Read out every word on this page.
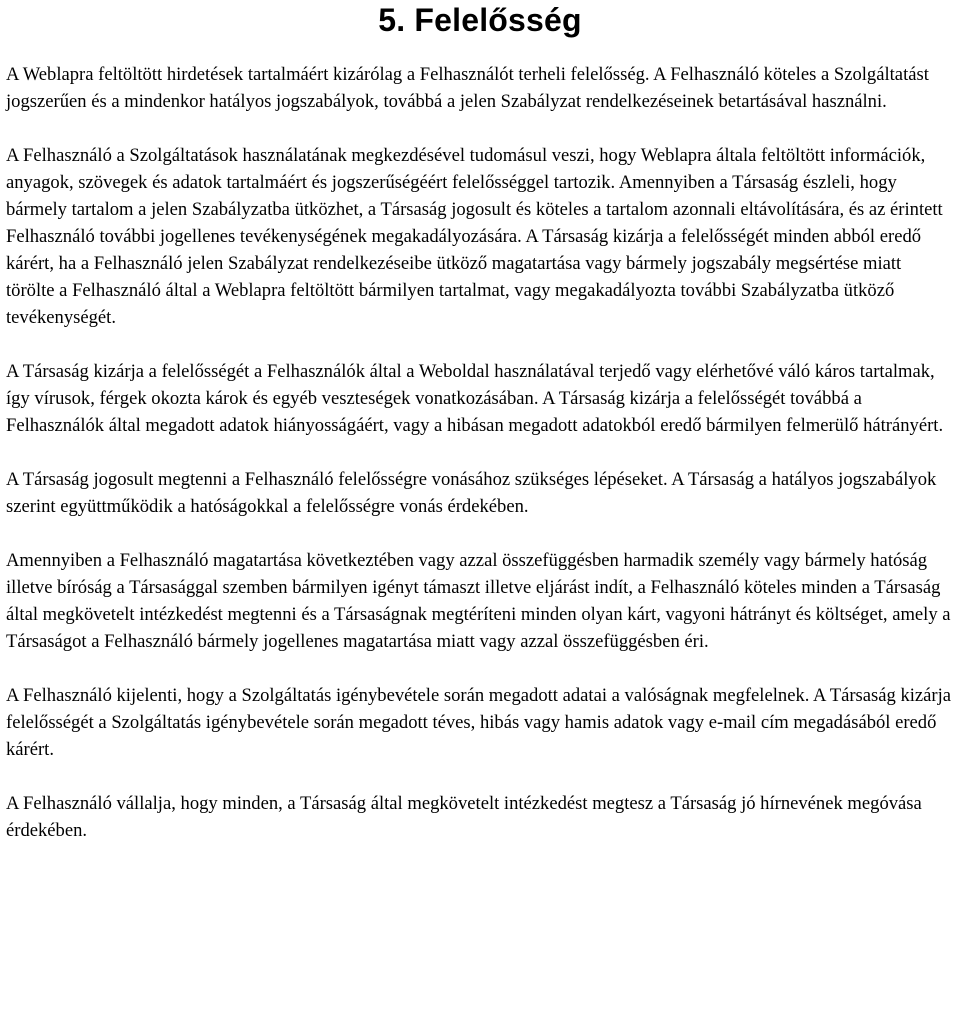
5. Felelősség

A Weblapra feltöltött hirdetések tartalmáért kizárólag a Felhasználót terheli felelősség. A Felhasználó köteles a Szolgáltatást jogszerűen és a mindenkor hatályos jogszabályok, továbbá a jelen Szabályzat rendelkezéseinek betartásával használni.

A Felhasználó a Szolgáltatások használatának megkezdésével tudomásul veszi, hogy Weblapra általa feltöltött információk, anyagok, szövegek és adatok tartalmáért és jogszerűségéért felelősséggel tartozik. Amennyiben a Társaság észleli, hogy bármely tartalom a jelen Szabályzatba ütközhet, a Társaság jogosult és köteles a tartalom azonnali eltávolítására, és az érintett Felhasználó további jogellenes tevékenységének megakadályozására. A Társaság kizárja a felelősségét minden abból eredő kárért, ha a Felhasználó jelen Szabályzat rendelkezéseibe ütköző magatartása vagy bármely jogszabály megsértése miatt törölte a Felhasználó által a Weblapra feltöltött bármilyen tartalmat, vagy megakadályozta további Szabályzatba ütköző tevékenységét.

A Társaság kizárja a felelősségét a Felhasználók által a Weboldal használatával terjedő vagy elérhetővé váló káros tartalmak, így vírusok, férgek okozta károk és egyéb veszteségek vonatkozásában. A Társaság kizárja a felelősségét továbbá a Felhasználók által megadott adatok hiányosságáért, vagy a hibásan megadott adatokból eredő bármilyen felmerülő hátrányért.

A Társaság jogosult megtenni a Felhasználó felelősségre vonásához szükséges lépéseket. A Társaság a hatályos jogszabályok szerint együttműködik a hatóságokkal a felelősségre vonás érdekében.

Amennyiben a Felhasználó magatartása következtében vagy azzal összefüggésben harmadik személy vagy bármely hatóság illetve bíróság a Társasággal szemben bármilyen igényt támaszt illetve eljárást indít, a Felhasználó köteles minden a Társaság által megkövetelt intézkedést megtenni és a Társaságnak megtéríteni minden olyan kárt, vagyoni hátrányt és költséget, amely a Társaságot a Felhasználó bármely jogellenes magatartása miatt vagy azzal összefüggésben éri.

A Felhasználó kijelenti, hogy a Szolgáltatás igénybevétele során megadott adatai a valóságnak megfelelnek. A Társaság kizárja felelősségét a Szolgáltatás igénybevétele során megadott téves, hibás vagy hamis adatok vagy e-mail cím megadásából eredő kárért.

A Felhasználó vállalja, hogy minden, a Társaság által megkövetelt intézkedést megtesz a Társaság jó hírnevének megóvása érdekében.
